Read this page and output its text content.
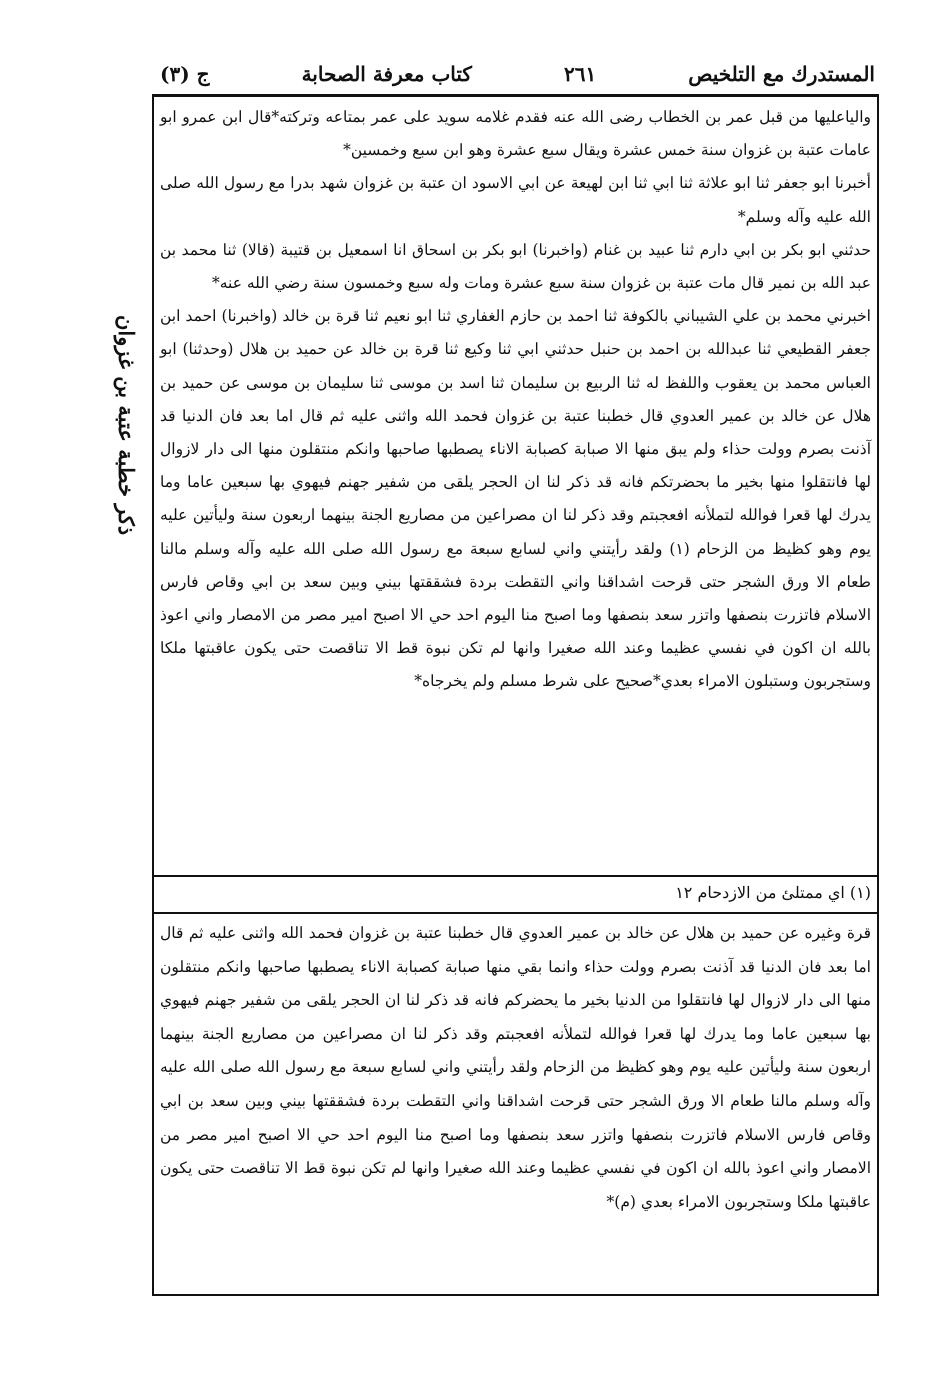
المستدرك مع التلخيص
٢٦١
كتاب معرفة الصحابة
ج (٣)
ذكر خطبة عتبة بن غزوان

والياعليها من قبل عمر بن الخطاب رضى الله عنه فقدم غلامه سويد على عمر بمتاعه وتركته*قال ابن عمرو ابو عامات عتبة بن غزوان سنة خمس عشرة ويقال سبع عشرة وهو ابن سبع وخمسين*

أخبرنا ابو جعفر ثنا ابو علاثة ثنا ابي ثنا ابن لهيعة عن ابي الاسود ان عتبة بن غزوان شهد بدرا مع رسول الله صلى الله عليه وآله وسلم*

حدثني ابو بكر بن ابي دارم ثنا عبيد بن غنام (واخبرنا) ابو بكر بن اسحاق انا اسمعيل بن قتيبة (قالا) ثنا محمد بن عبد الله بن نمير قال مات عتبة بن غزوان سنة سبع عشرة ومات وله سبع وخمسون سنة رضي الله عنه*

اخبرني محمد بن علي الشيباني بالكوفة ثنا احمد بن حازم الغفاري ثنا ابو نعيم ثنا قرة بن خالد (واخبرنا) احمد ابن جعفر القطيعي ثنا عبدالله بن احمد بن حنبل حدثني ابي ثنا وكيع ثنا قرة بن خالد عن حميد بن هلال (وحدثنا) ابو العباس محمد بن يعقوب واللفظ له ثنا الربيع بن سليمان ثنا اسد بن موسى ثنا سليمان بن موسى عن حميد بن هلال عن خالد بن عمير العدوي قال خطبنا عتبة بن غزوان فحمد الله واثنى عليه ثم قال اما بعد فان الدنيا قد آذنت بصرم وولت حذاء ولم يبق منها الا صبابة كصبابة الاناء يصطبها صاحبها وانكم منتقلون منها الى دار لازوال لها فانتقلوا منها بخير ما بحضرتكم فانه قد ذكر لنا ان الحجر يلقى من شفير جهنم فيهوي بها سبعين عاما وما يدرك لها قعرا فوالله لتملأنه افعجبتم وقد ذكر لنا ان مصراعين من مصاريع الجنة بينهما اربعون سنة وليأتين عليه يوم وهو كظيظ من الزحام (١) ولقد رأيتني واني لسابع سبعة مع رسول الله صلى الله عليه وآله وسلم مالنا طعام الا ورق الشجر حتى قرحت اشداقنا واني التقطت بردة فشققتها بيني وبين سعد بن ابي وقاص فارس الاسلام فاتزرت بنصفها واتزر سعد بنصفها وما اصبح منا اليوم احد حي الا اصبح امير مصر من الامصار واني اعوذ بالله ان اكون في نفسي عظيما وعند الله صغيرا وانها لم تكن نبوة قط الا تناقصت حتى يكون عاقبتها ملكا وستجربون وستبلون الامراء بعدي*صحيح على شرط مسلم ولم يخرجاه*

(١) اي ممتلئ من الازدحام ١٢

قرة وغيره عن حميد بن هلال عن خالد بن عمير العدوي قال خطبنا عتبة بن غزوان فحمد الله واثنى عليه ثم قال اما بعد فان الدنيا قد آذنت بصرم وولت حذاء وانما بقي منها صبابة كصبابة الاناء يصطبها صاحبها وانكم منتقلون منها الى دار لازوال لها فانتقلوا من الدنيا بخير ما يحضركم فانه قد ذكر لنا ان الحجر يلقى من شفير جهنم فيهوي بها سبعين عاما وما يدرك لها قعرا فوالله لتملأنه افعجبتم وقد ذكر لنا ان مصراعين من مصاريع الجنة بينهما اربعون سنة وليأتين عليه يوم وهو كظيظ من الزحام ولقد رأيتني واني لسابع سبعة مع رسول الله صلى الله عليه وآله وسلم مالنا طعام الا ورق الشجر حتى قرحت اشداقنا واني التقطت بردة فشققتها بيني وبين سعد بن ابي وقاص فارس الاسلام فاتزرت بنصفها واتزر سعد بنصفها وما اصبح منا اليوم احد حي الا اصبح امير مصر من الامصار واني اعوذ بالله ان اكون في نفسي عظيما وعند الله صغيرا وانها لم تكن نبوة قط الا تناقصت حتى يكون عاقبتها ملكا وستجربون الامراء بعدي (م)*
